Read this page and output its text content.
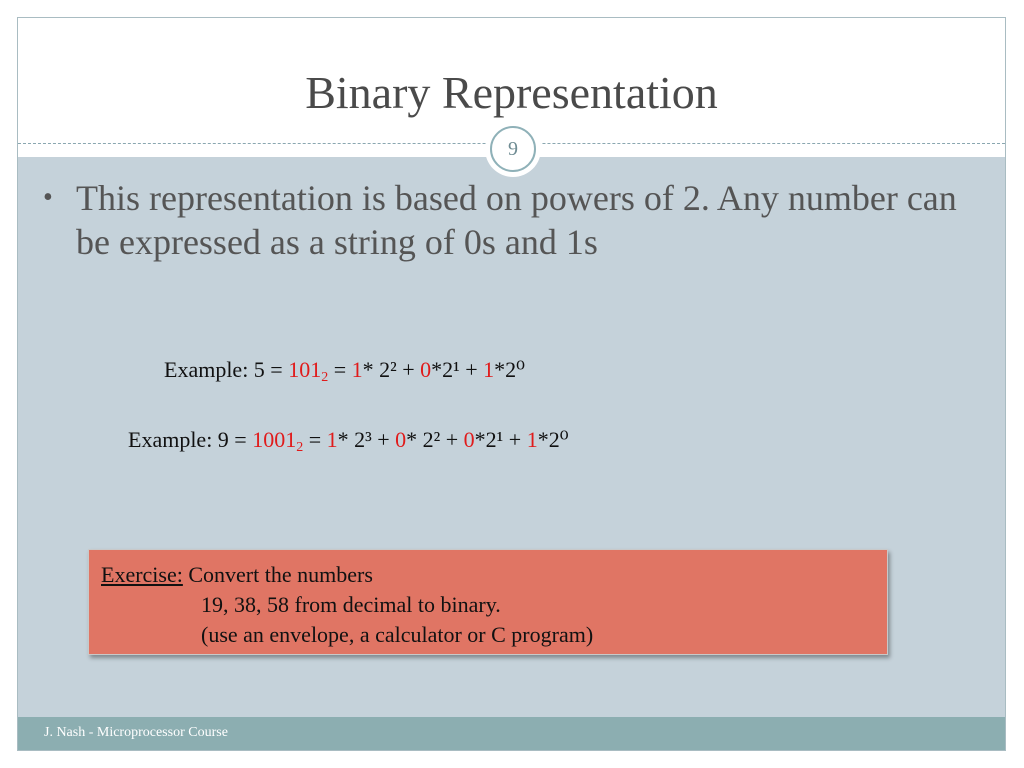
Binary Representation
9
• This representation is based on powers of 2. Any number can be expressed as a string of 0s and 1s
Example: $5 = 101_2 = 1*$ 2² + 0*2¹ + 1*2⁰
Example: $9 = 1001_2 = 1*$ 2³ + 0* 2² + 0*2¹ + 1*2⁰
Exercise: Convert the numbers
19, 38, 58 from decimal to binary.
(use an envelope, a calculator or C program)
J. Nash - Microprocessor Course
